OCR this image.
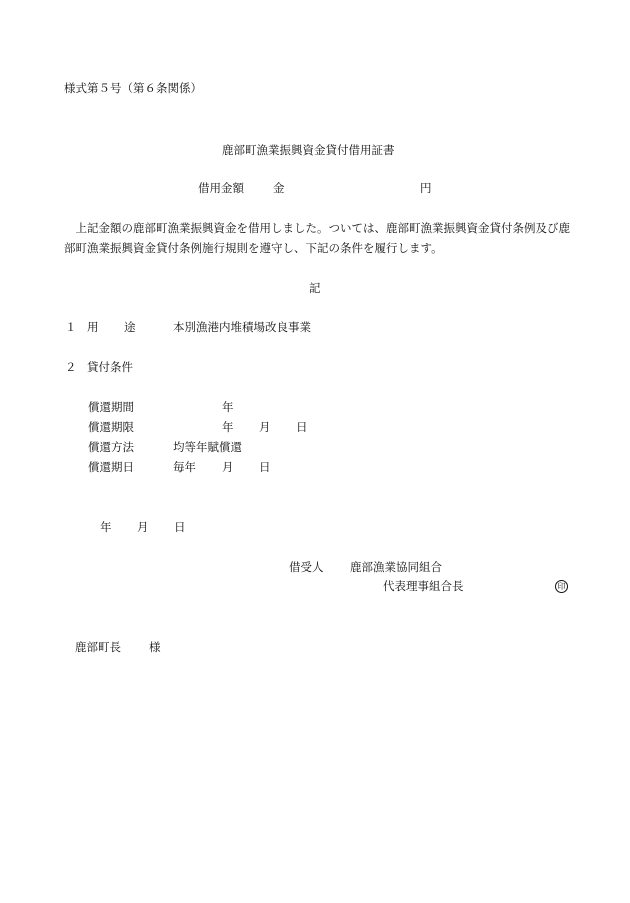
様式第５号（第６条関係）
鹿部町漁業振興資金貸付借用証書
借用金額	金	円
上記金額の鹿部町漁業振興資金を借用しました。ついては、鹿部町漁業振興資金貸付条例及び鹿部町漁業振興資金貸付条例施行規則を遵守し、下記の条件を履行します。
記
１ 用 途	本別漁港内堆積場改良事業
２ 貸付条件
償還期間	年
償還期限	年 月 日
償還方法	均等年賦償還
償還期日	毎年 月 日
年 月 日
借受人 鹿部漁業協同組合
代表理事組合長	印
鹿部町長 様
